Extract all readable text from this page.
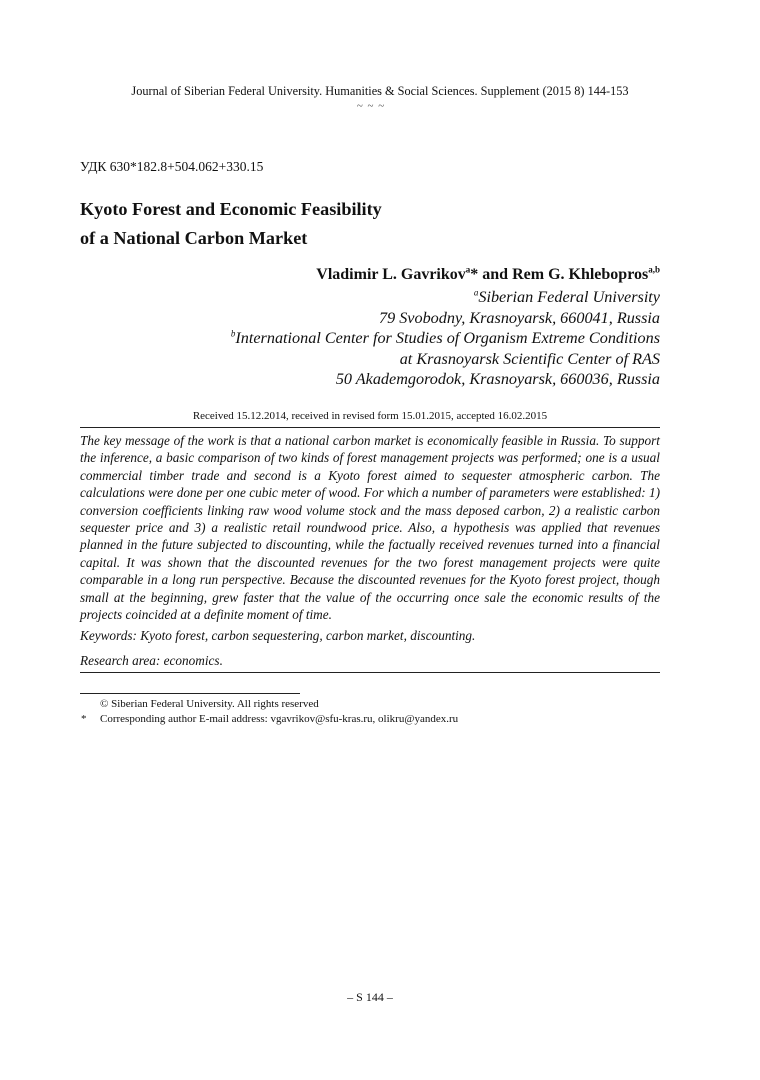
Journal of Siberian Federal University. Humanities & Social Sciences. Supplement (2015 8) 144-153
~ ~ ~
УДК 630*182.8+504.062+330.15
Kyoto Forest and Economic Feasibility
of a National Carbon Market
Vladimir L. Gavrikov$^a$* and Rem G. Khlebopros$^{a,b}$
$^a$Siberian Federal University
79 Svobodny, Krasnoyarsk, 660041, Russia
$^b$International Center for Studies of Organism Extreme Conditions
at Krasnoyarsk Scientific Center of RAS
50 Akademgorodok, Krasnoyarsk, 660036, Russia
Received 15.12.2014, received in revised form 15.01.2015, accepted 16.02.2015

The key message of the work is that a national carbon market is economically feasible in Russia. To support the inference, a basic comparison of two kinds of forest management projects was performed; one is a usual commercial timber trade and second is a Kyoto forest aimed to sequester atmospheric carbon. The calculations were done per one cubic meter of wood. For which a number of parameters were established: 1) conversion coefficients linking raw wood volume stock and the mass deposed carbon, 2) a realistic carbon sequester price and 3) a realistic retail roundwood price. Also, a hypothesis was applied that revenues planned in the future subjected to discounting, while the factually received revenues turned into a financial capital. It was shown that the discounted revenues for the two forest management projects were quite comparable in a long run perspective. Because the discounted revenues for the Kyoto forest project, though small at the beginning, grew faster that the value of the occurring once sale the economic results of the projects coincided at a definite moment of time.

Keywords: Kyoto forest, carbon sequestering, carbon market, discounting.
Research area: economics.
© Siberian Federal University. All rights reserved
* Corresponding author E-mail address: vgavrikov@sfu-kras.ru, olikru@yandex.ru
– S 144 –
